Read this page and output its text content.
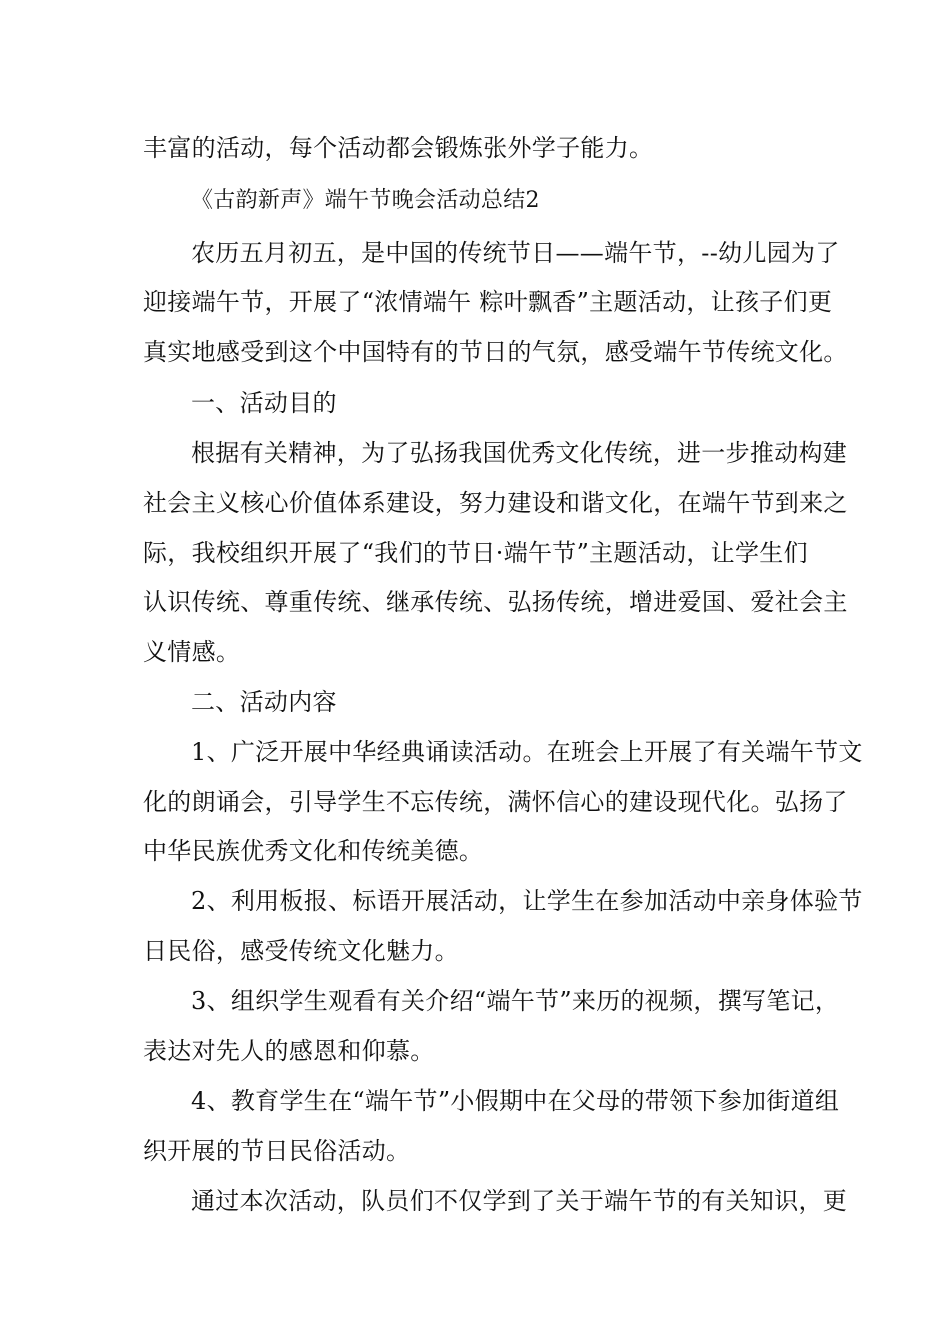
丰富的活动，每个活动都会锻炼张外学子能力。
《古韵新声》端午节晚会活动总结2
农历五月初五，是中国的传统节日——端午节，--幼儿园为了
迎接端午节，开展了“浓情端午 粽叶飘香”主题活动，让孩子们更
真实地感受到这个中国特有的节日的气氛，感受端午节传统文化。
一、活动目的
根据有关精神，为了弘扬我国优秀文化传统，进一步推动构建
社会主义核心价值体系建设，努力建设和谐文化，在端午节到来之
际，我校组织开展了“我们的节日·端午节”主题活动，让学生们
认识传统、尊重传统、继承传统、弘扬传统，增进爱国、爱社会主
义情感。
二、活动内容
1、广泛开展中华经典诵读活动。在班会上开展了有关端午节文
化的朗诵会，引导学生不忘传统，满怀信心的建设现代化。弘扬了
中华民族优秀文化和传统美德。
2、利用板报、标语开展活动，让学生在参加活动中亲身体验节
日民俗，感受传统文化魅力。
3、组织学生观看有关介绍“端午节”来历的视频，撰写笔记，
表达对先人的感恩和仰慕。
4、教育学生在“端午节”小假期中在父母的带领下参加街道组
织开展的节日民俗活动。
通过本次活动，队员们不仅学到了关于端午节的有关知识，更
